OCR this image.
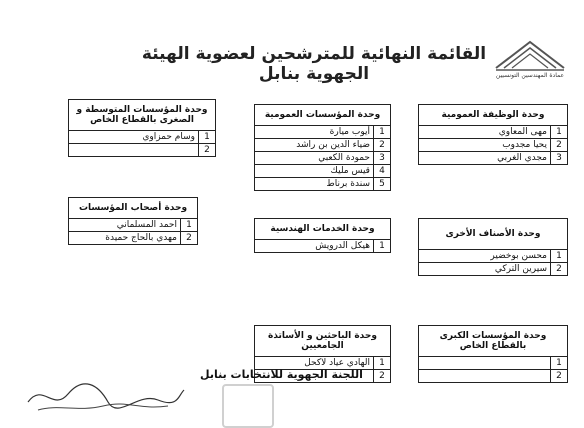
عمادة المهندسين التونسيين
القائمة النهائية للمترشحين لعضوية الهيئة الجهوية بنابل
وحدة الوظيفة العمومية	
1	مهى المعاوي
2	يحيا مجدوب
3	مجدي الغربي
وحدة المؤسسات العمومية	
1	أيوب ميارة
2	ضياء الدين بن راشد
3	حمودة الكعبي
4	قيس مليك
5	سندة برناط
وحدة المؤسسات المتوسطة و الصغرى بالقطاع الخاص	
1	وسام حمزاوي
2	
وحدة أصحاب المؤسسات	
1	احمد المسلماني
2	مهدي بالحاج حميدة
وحدة الخدمات الهندسية
1	هيكل الدرويش
وحدة الأصناف الأخرى	
1	محسن بوخضير
2	سيرين التركي
وحدة الباحثين و الأساتذة الجامعيين	
1	الهادي عياد لاكحل
2	
وحدة المؤسسات الكبرى بالقطاع الخاص	
1	
2	
اللجنة الجهوية للانتخابات بنابل
